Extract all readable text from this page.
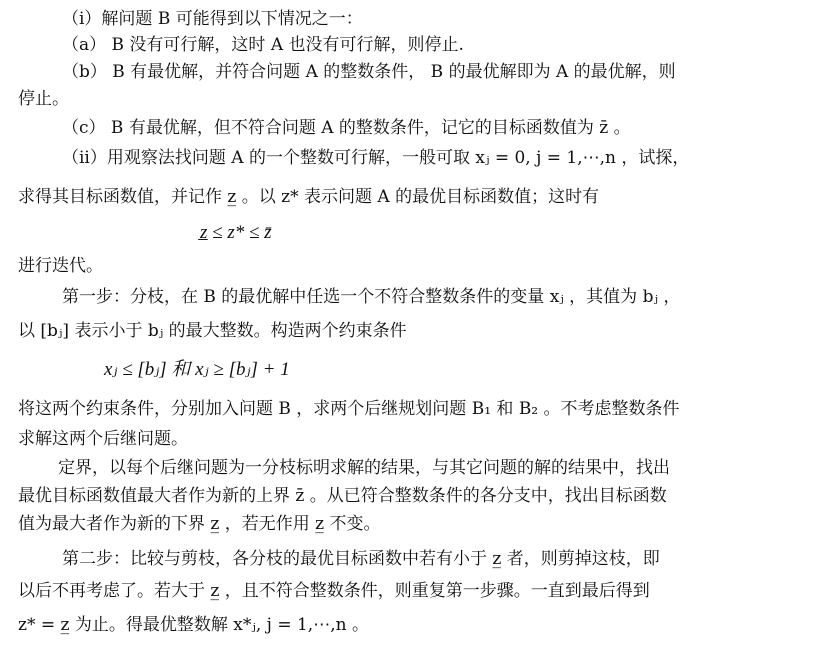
（i）解问题 B 可能得到以下情况之一：
（a） B 没有可行解，这时 A 也没有可行解，则停止.
（b） B 有最优解，并符合问题 A 的整数条件， B 的最优解即为 A 的最优解，则
停止。
（c） B 有最优解，但不符合问题 A 的整数条件，记它的目标函数值为 z̄ 。
（ii）用观察法找问题 A 的一个整数可行解，一般可取 xⱼ = 0, j = 1,⋯,n ，试探，
求得其目标函数值，并记作 z̲ 。以 z* 表示问题 A 的最优目标函数值；这时有
z̲ ≤ z* ≤ z̄
进行迭代。
第一步：分枝，在 B 的最优解中任选一个不符合整数条件的变量 xⱼ ，其值为 bⱼ ，
以 [bⱼ] 表示小于 bⱼ 的最大整数。构造两个约束条件
xⱼ ≤ [bⱼ] 和 xⱼ ≥ [bⱼ] + 1
将这两个约束条件，分别加入问题 B ，求两个后继规划问题 B₁ 和 B₂ 。不考虑整数条件
求解这两个后继问题。
定界，以每个后继问题为一分枝标明求解的结果，与其它问题的解的结果中，找出
最优目标函数值最大者作为新的上界 z̄ 。从已符合整数条件的各分支中，找出目标函数
值为最大者作为新的下界 z̲ ，若无作用 z̲ 不变。
第二步：比较与剪枝，各分枝的最优目标函数中若有小于 z̲ 者，则剪掉这枝，即
以后不再考虑了。若大于 z̲ ，且不符合整数条件，则重复第一步骤。一直到最后得到
z* = z̲ 为止。得最优整数解 x*ⱼ, j = 1,⋯,n 。
